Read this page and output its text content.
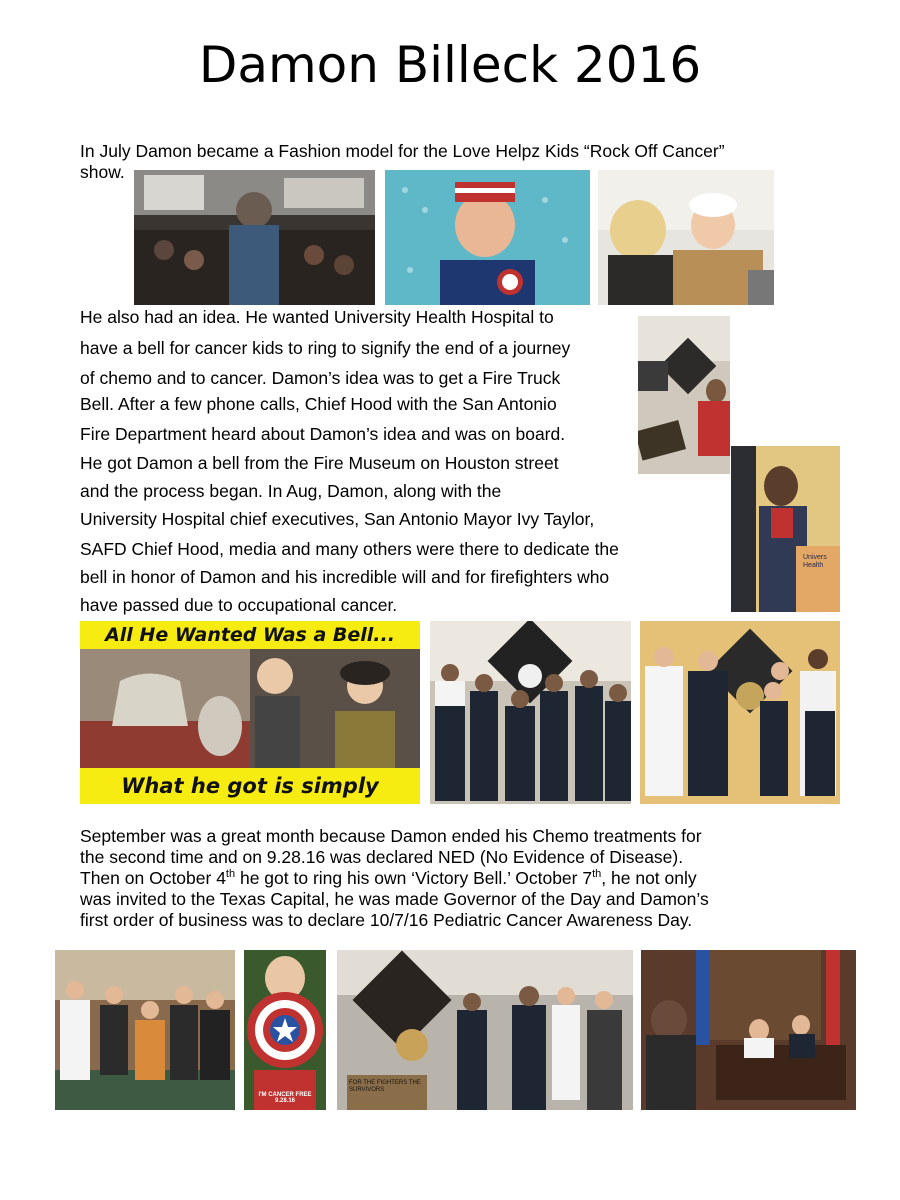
Damon Billeck 2016
In July Damon became a Fashion model for the Love Helpz Kids “Rock Off Cancer”
show.
He also had an idea. He wanted University Health Hospital to
have a bell for cancer kids to ring to signify the end of a journey
of chemo and to cancer. Damon’s idea was to get a Fire Truck
Bell. After a few phone calls, Chief Hood with the San Antonio
Fire Department heard about Damon’s idea and was on board.
He got Damon a bell from the Fire Museum on Houston street
and the process began. In Aug, Damon, along with the
University Hospital chief executives, San Antonio Mayor Ivy Taylor,
SAFD Chief Hood, media and many others were there to dedicate the
bell in honor of Damon and his incredible will and for firefighters who
have passed due to occupational cancer.
Univers Health
All He Wanted Was a Bell...
What he got is simply
September was a great month because Damon ended his Chemo treatments for
the second time and on 9.28.16 was declared NED (No Evidence of Disease).
Then on October 4th he got to ring his own ‘Victory Bell.’ October 7th, he not only
was invited to the Texas Capital, he was made Governor of the Day and Damon’s
first order of business was to declare 10/7/16 Pediatric Cancer Awareness Day.
I'M CANCER FREE 9.28.16
FOR THE FIGHTERS THE SURVIVORS
